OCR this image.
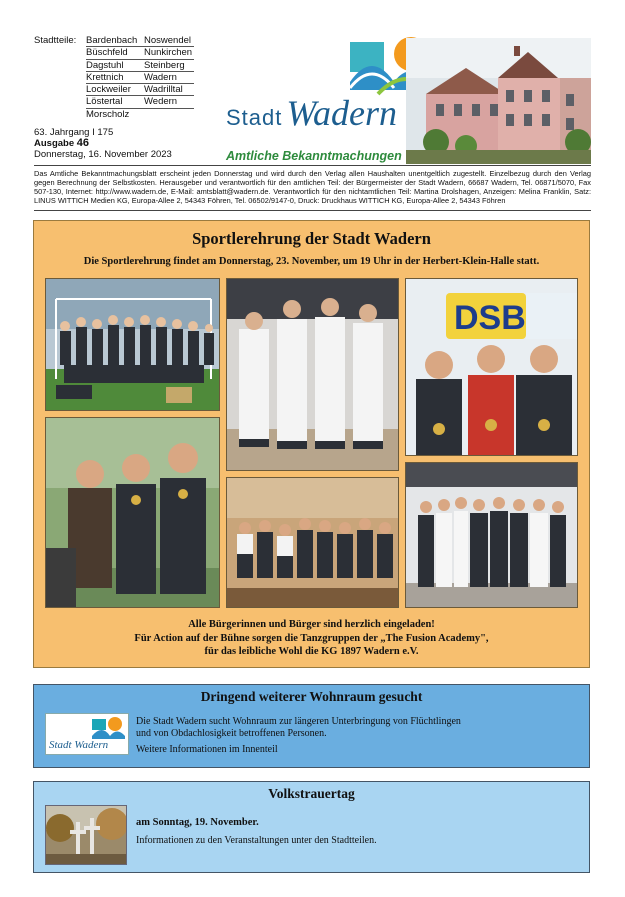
Stadtteile: Bardenbach Noswendel
Büschfeld	Nunkirchen
Dagstuhl	Steinberg
Krettnich	Wadern
Lockweiler	Wadrilltal
Löstertal	Wedern
Morscholz
63. Jahrgang I 175
Ausgabe 46
Donnerstag, 16. November 2023
Stadt Wadern
Amtliche Bekanntmachungen
Das Amtliche Bekanntmachungsblatt erscheint jeden Donnerstag und wird durch den Verlag allen Haushalten unentgeltlich zugestellt. Einzelbezug durch den Verlag gegen Berechnung der Selbstkosten. Herausgeber und verantwortlich für den amtlichen Teil: der Bürgermeister der Stadt Wadern, 66687 Wadern, Tel. 06871/5070, Fax 507-130, Internet: http://www.wadern.de, E-Mail: amtsblatt@wadern.de. Verantwortlich für den nichtamtlichen Teil: Martina Drolshagen, Anzeigen: Melina Franklin, Satz: LINUS WITTICH Medien KG, Europa-Allee 2, 54343 Föhren, Tel. 06502/9147-0, Druck: Druckhaus WITTICH KG, Europa-Allee 2, 54343 Föhren
Sportlerehrung der Stadt Wadern
Die Sportlerehrung findet am Donnerstag, 23. November, um 19 Uhr in der Herbert-Klein-Halle statt.
DSB
Alle Bürgerinnen und Bürger sind herzlich eingeladen!
Für Action auf der Bühne sorgen die Tanzgruppen der „The Fusion Academy",
für das leibliche Wohl die KG 1897 Wadern e.V.
Dringend weiterer Wohnraum gesucht
Stadt Wadern
Die Stadt Wadern sucht Wohnraum zur längeren Unterbringung von Flüchtlingen
und von Obdachlosigkeit betroffenen Personen.
Weitere Informationen im Innenteil
Volkstrauertag
am Sonntag, 19. November.
Informationen zu den Veranstaltungen unter den Stadtteilen.
